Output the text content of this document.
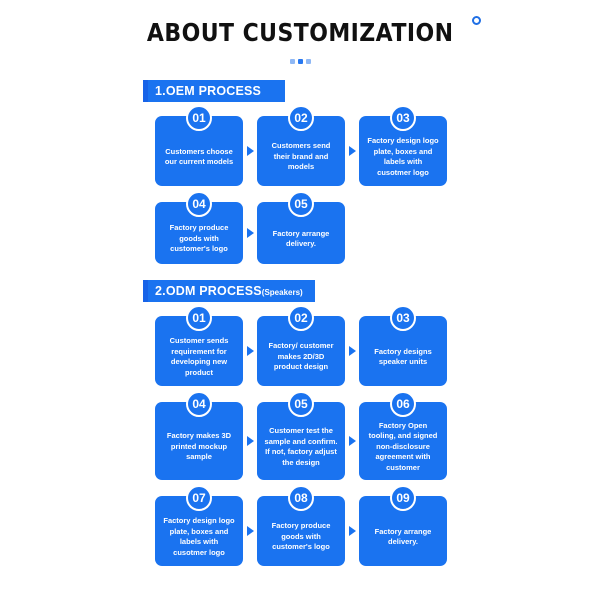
ABOUT CUSTOMIZATION
1.OEM PROCESS
01
Customers choose our current models
02
Customers send their brand and models
03
Factory design logo plate, boxes and labels with cusotmer logo
04
Factory produce goods with customer's logo
05
Factory arrange delivery.
2.ODM PROCESS(Speakers)
01
Customer sends requirement for developing new product
02
Factory/ customer makes 2D/3D product design
03
Factory designs speaker units
04
Factory makes 3D printed mockup sample
05
Customer test the sample and confirm. If not, factory adjust the design
06
Factory Open tooling, and signed non-disclosure agreement with customer
07
Factory design logo plate, boxes and labels with cusotmer logo
08
Factory produce goods with customer's logo
09
Factory arrange delivery.
